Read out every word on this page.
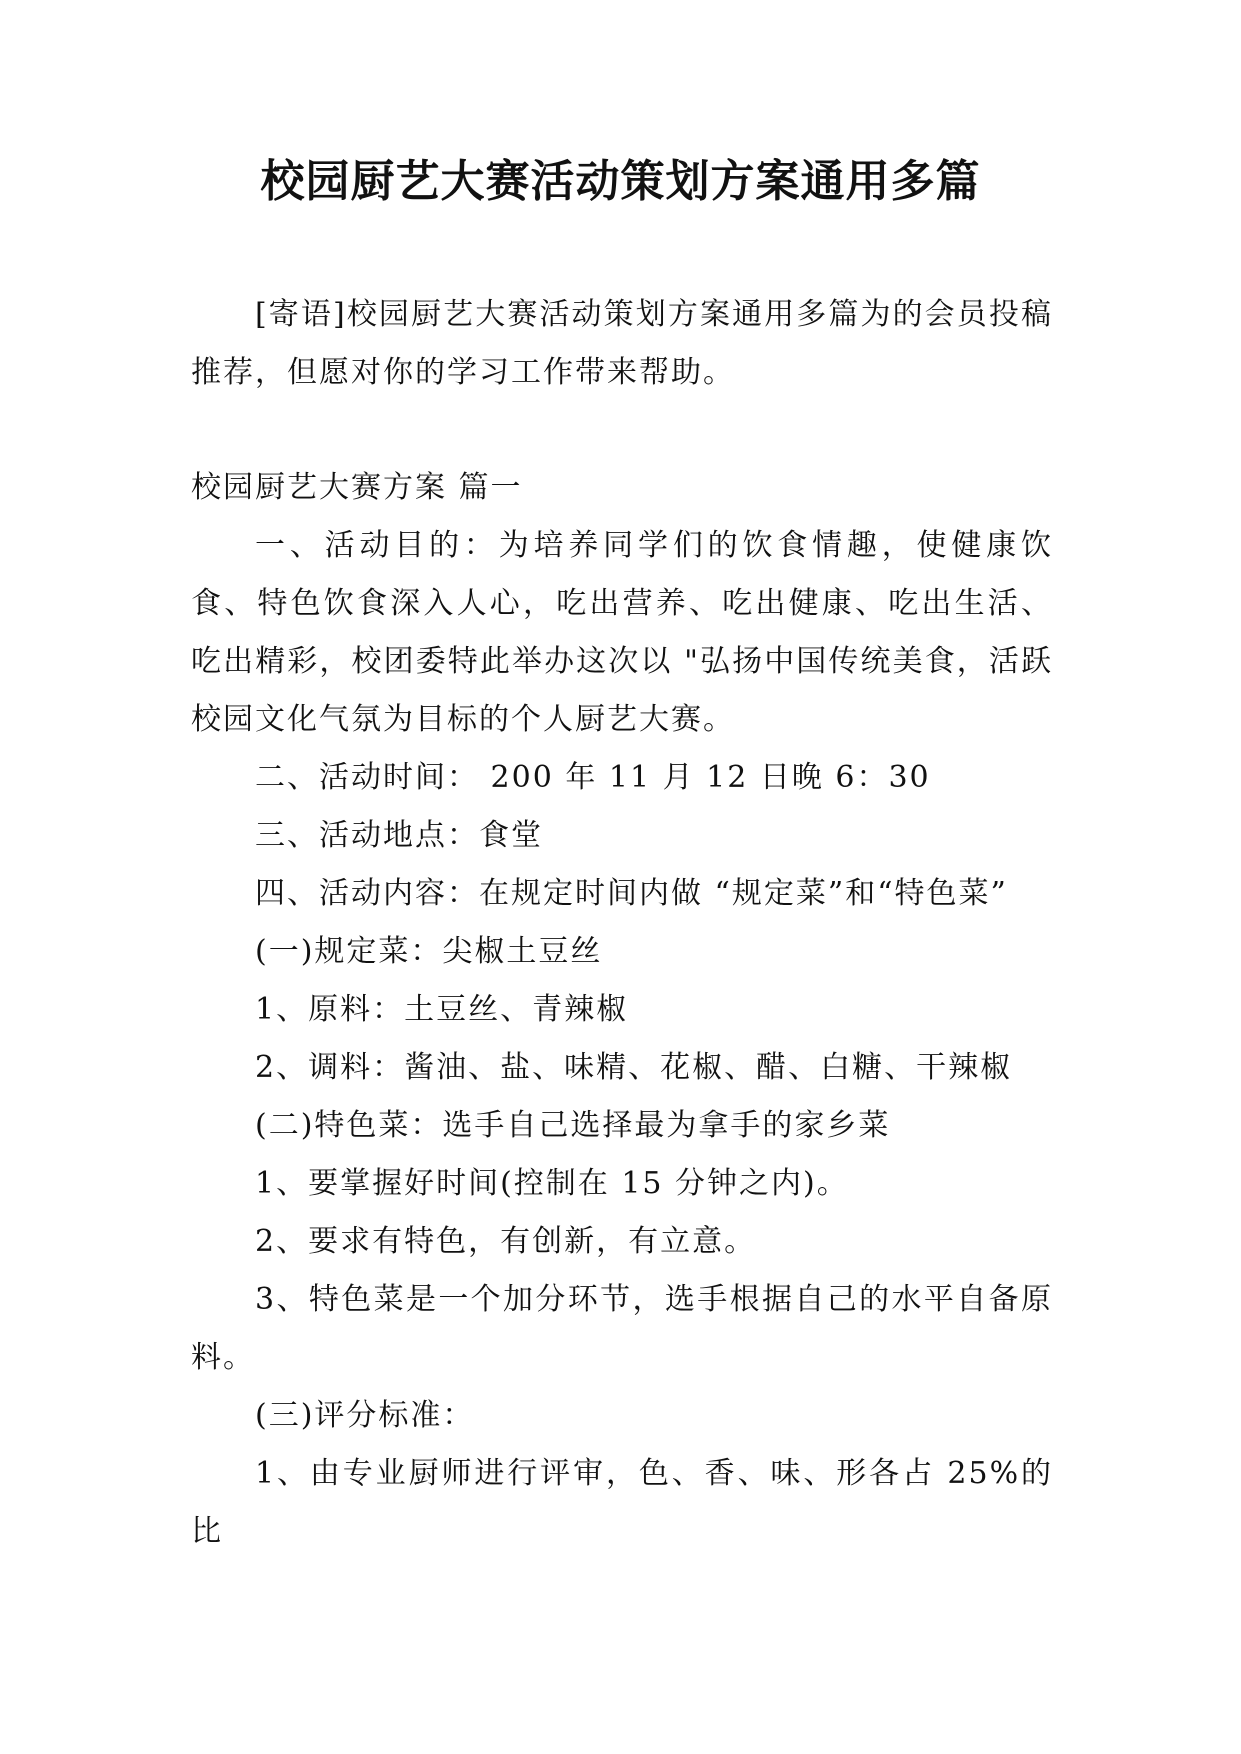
校园厨艺大赛活动策划方案通用多篇

[寄语]校园厨艺大赛活动策划方案通用多篇为的会员投稿推荐，但愿对你的学习工作带来帮助。

校园厨艺大赛方案 篇一

一、活动目的：为培养同学们的饮食情趣，使健康饮食、特色饮食深入人心，吃出营养、吃出健康、吃出生活、吃出精彩，校团委特此举办这次以 "弘扬中国传统美食，活跃校园文化气氛为目标的个人厨艺大赛。

二、活动时间： 200 年 11 月 12 日晚 6：30

三、活动地点：食堂

四、活动内容：在规定时间内做 “规定菜”和“特色菜”

(一)规定菜：尖椒土豆丝

1、原料：土豆丝、青辣椒

2、调料：酱油、盐、味精、花椒、醋、白糖、干辣椒

(二)特色菜：选手自己选择最为拿手的家乡菜

1、要掌握好时间(控制在 15 分钟之内)。

2、要求有特色，有创新，有立意。

3、特色菜是一个加分环节，选手根据自己的水平自备原料。

(三)评分标准：

1、由专业厨师进行评审，色、香、味、形各占 25%的比
